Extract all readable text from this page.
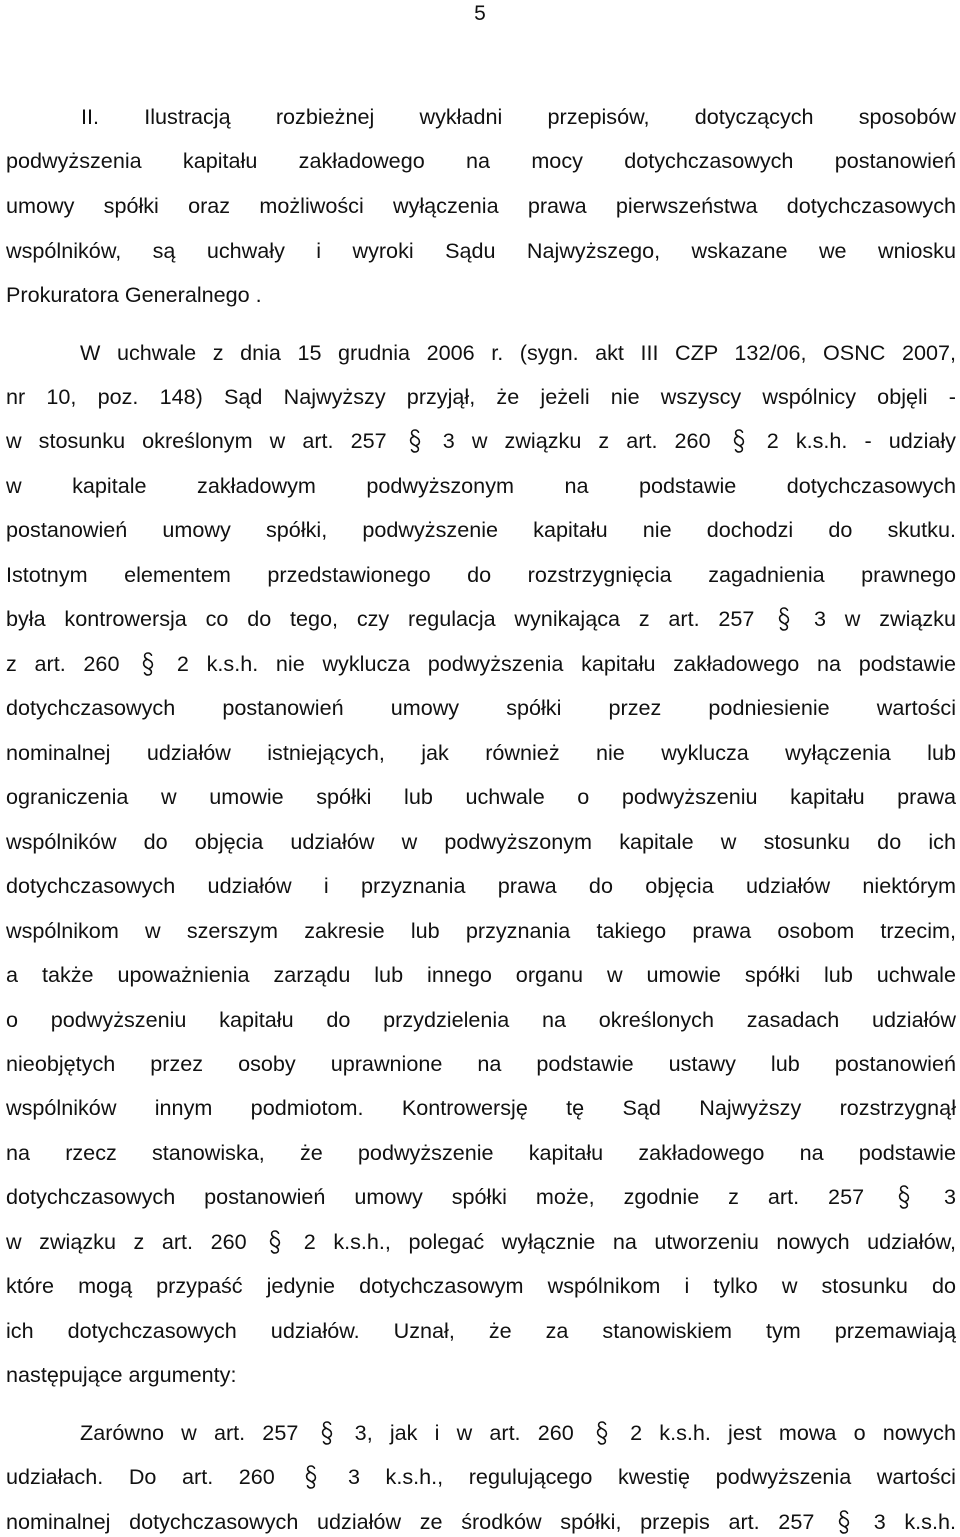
5
II. Ilustracją rozbieżnej wykładni przepisów, dotyczących sposobów
podwyższenia kapitału zakładowego na mocy dotychczasowych postanowień
umowy spółki oraz możliwości wyłączenia prawa pierwszeństwa dotychczasowych
wspólników, są uchwały i wyroki Sądu Najwyższego, wskazane we wniosku
Prokuratora Generalnego .
W uchwale z dnia 15 grudnia 2006 r. (sygn. akt III CZP 132/06, OSNC 2007,
nr 10, poz. 148) Sąd Najwyższy przyjął, że jeżeli nie wszyscy wspólnicy objęli -
w stosunku określonym w art. 257
3 w związku z art. 260
2 k.s.h. - udziały
w kapitale zakładowym podwyższonym na podstawie dotychczasowych
postanowień umowy spółki, podwyższenie kapitału nie dochodzi do skutku.
Istotnym elementem przedstawionego do rozstrzygnięcia zagadnienia prawnego
była kontrowersja co do tego, czy regulacja wynikająca z art. 257
3 w związku
z art. 260
2 k.s.h. nie wyklucza podwyższenia kapitału zakładowego na podstawie
dotychczasowych postanowień umowy spółki przez podniesienie wartości
nominalnej udziałów istniejących, jak również nie wyklucza wyłączenia lub
ograniczenia w umowie spółki lub uchwale o podwyższeniu kapitału prawa
wspólników do objęcia udziałów w podwyższonym kapitale w stosunku do ich
dotychczasowych udziałów i przyznania prawa do objęcia udziałów niektórym
wspólnikom w szerszym zakresie lub przyznania takiego prawa osobom trzecim,
a także upoważnienia zarządu lub innego organu w umowie spółki lub uchwale
o podwyższeniu kapitału do przydzielenia na określonych zasadach udziałów
nieobjętych przez osoby uprawnione na podstawie ustawy lub postanowień
wspólników innym podmiotom. Kontrowersję tę Sąd Najwyższy rozstrzygnął
na rzecz stanowiska, że podwyższenie kapitału zakładowego na podstawie
dotychczasowych postanowień umowy spółki może, zgodnie z art. 257
3
w związku z art. 260
2 k.s.h., polegać wyłącznie na utworzeniu nowych udziałów,
które mogą przypaść jedynie dotychczasowym wspólnikom i tylko w stosunku do
ich dotychczasowych udziałów. Uznał, że za stanowiskiem tym przemawiają
następujące argumenty:
Zarówno w art. 257
3, jak i w art. 260
2 k.s.h. jest mowa o nowych
udziałach. Do art. 260
3 k.s.h., regulującego kwestię podwyższenia wartości
nominalnej dotychczasowych udziałów ze środków spółki, przepis art. 257
3 k.s.h.
